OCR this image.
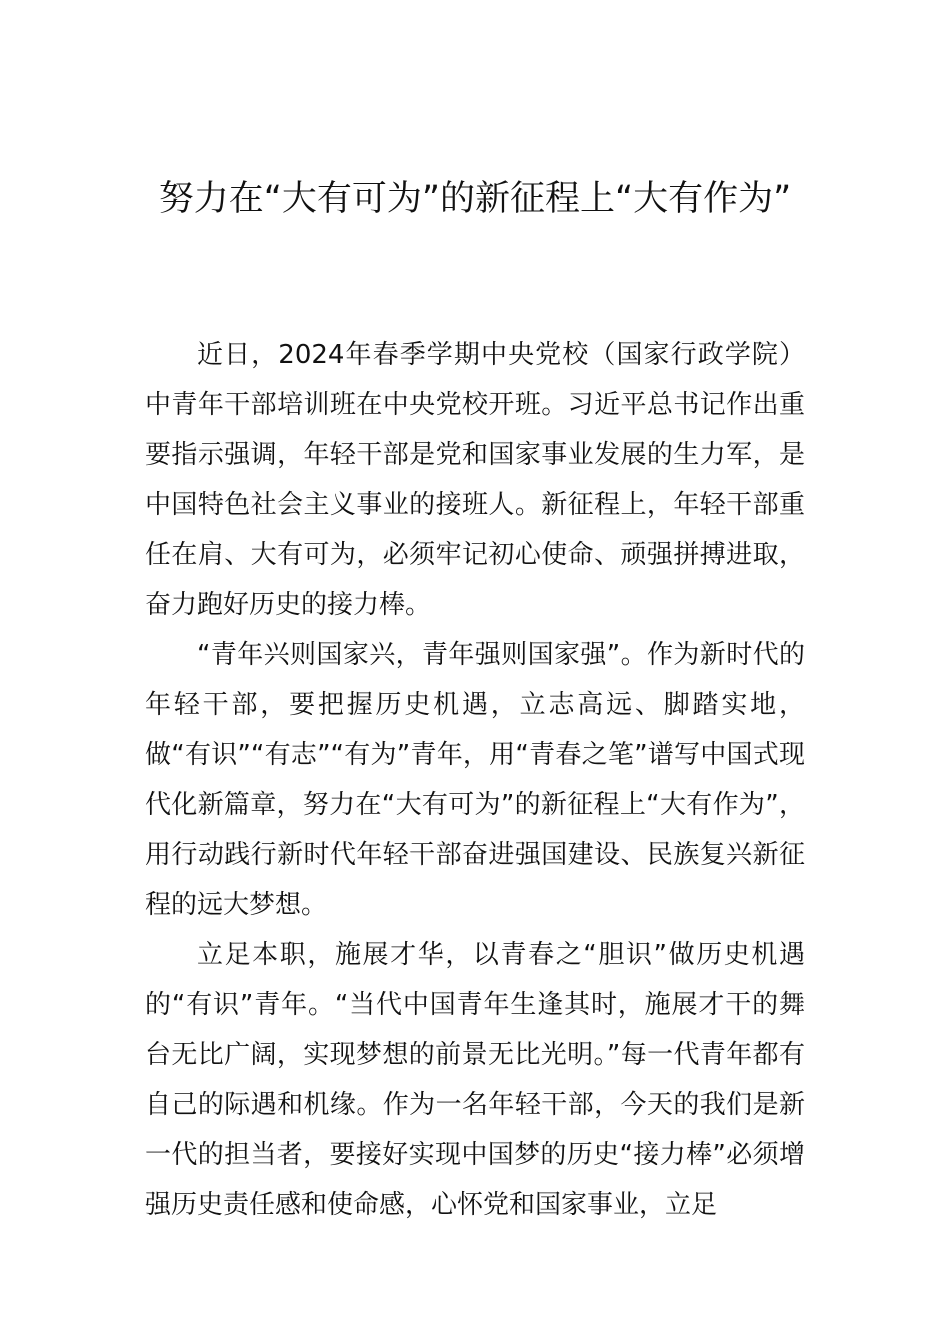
努力在“大有可为”的新征程上“大有作为”

近日，2024年春季学期中央党校（国家行政学院）中青年干部培训班在中央党校开班。习近平总书记作出重要指示强调，年轻干部是党和国家事业发展的生力军，是中国特色社会主义事业的接班人。新征程上，年轻干部重任在肩、大有可为，必须牢记初心使命、顽强拼搏进取，奋力跑好历史的接力棒。

“青年兴则国家兴，青年强则国家强”。作为新时代的年轻干部，要把握历史机遇，立志高远、脚踏实地，做“有识”“有志”“有为”青年，用“青春之笔”谱写中国式现代化新篇章，努力在“大有可为”的新征程上“大有作为”，用行动践行新时代年轻干部奋进强国建设、民族复兴新征程的远大梦想。

立足本职，施展才华，以青春之“胆识”做历史机遇的“有识”青年。“当代中国青年生逢其时，施展才干的舞台无比广阔，实现梦想的前景无比光明。”每一代青年都有自己的际遇和机缘。作为一名年轻干部，今天的我们是新一代的担当者，要接好实现中国梦的历史“接力棒”必须增强历史责任感和使命感，心怀党和国家事业，立足
